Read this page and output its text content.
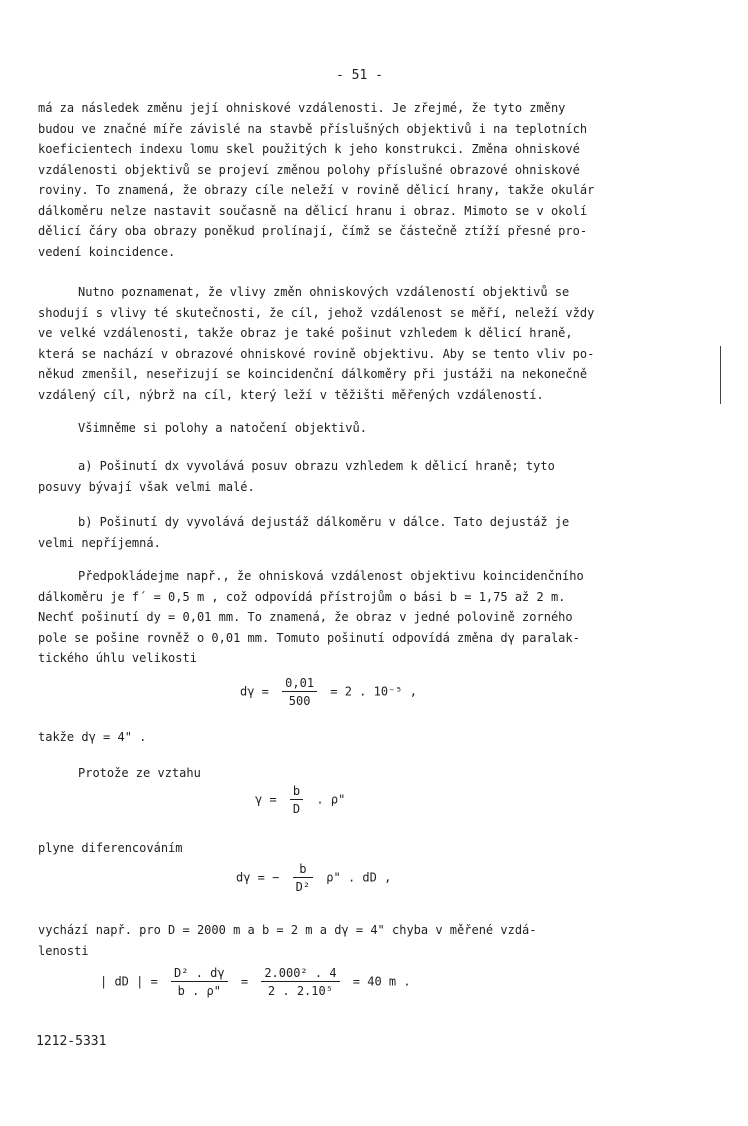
- 51 -
má za následek změnu její ohniskové vzdálenosti. Je zřejmé, že tyto změny
budou ve značné míře závislé na stavbě příslušných objektivů i na teplotních
koeficientech indexu lomu skel použitých k jeho konstrukci. Změna ohniskové
vzdálenosti objektivů se projeví změnou polohy příslušné obrazové ohniskové
roviny. To znamená, že obrazy cíle neleží v rovině dělicí hrany, takže okulár
dálkoměru nelze nastavit současně na dělicí hranu i obraz. Mimoto se v okolí
dělicí čáry oba obrazy poněkud prolínají, čímž se částečně ztíží přesné pro-
vedení koincidence.
Nutno poznamenat, že vlivy změn ohniskových vzdáleností objektivů se
shodují s vlivy té skutečnosti, že cíl, jehož vzdálenost se měří, neleží vždy
ve velké vzdálenosti, takže obraz je také pošinut vzhledem k dělicí hraně,
která se nachází v obrazové ohniskové rovině objektivu. Aby se tento vliv po-
někud zmenšil, neseřizují se koincidenční dálkoměry při justáži na nekonečně
vzdálený cíl, nýbrž na cíl, který leží v těžišti měřených vzdáleností.
Všimněme si polohy a natočení objektivů.
a) Pošinutí dx vyvolává posuv obrazu vzhledem k dělicí hraně; tyto
posuvy bývají však velmi malé.
b) Pošinutí dy vyvolává dejustáž dálkoměru v dálce. Tato dejustáž je
velmi nepříjemná.
Předpokládejme např., že ohnisková vzdálenost objektivu koincidenčního
dálkoměru je f´ = 0,5 m , což odpovídá přístrojům o bási b = 1,75 až 2 m.
Nechť pošinutí dy = 0,01 mm. To znamená, že obraz v jedné polovině zorného
pole se pošine rovněž o 0,01 mm. Tomuto pošinutí odpovídá změna dγ paralak-
tického úhlu velikosti
$d\gamma = \frac{0,01}{500} = 2$ . 10⁻⁵ ,
takže dγ = 4" .
Protože ze vztahu
$\gamma = \frac{b}{D}$ . ρ"
plyne diferencováním
dγ = − $\frac{b}{\text{D²}} \rho$" . dD ,
vychází např. pro D = 2000 m a b = 2 m a dγ = 4" chyba v měřené vzdá-
lenosti
| dD | = $\frac{\text{D² . dγ}}{b . \rho"} = \frac{\text{2.000² . 4}}{\text{2 . 2.10⁵}} = 40$ m .
1212-5331
